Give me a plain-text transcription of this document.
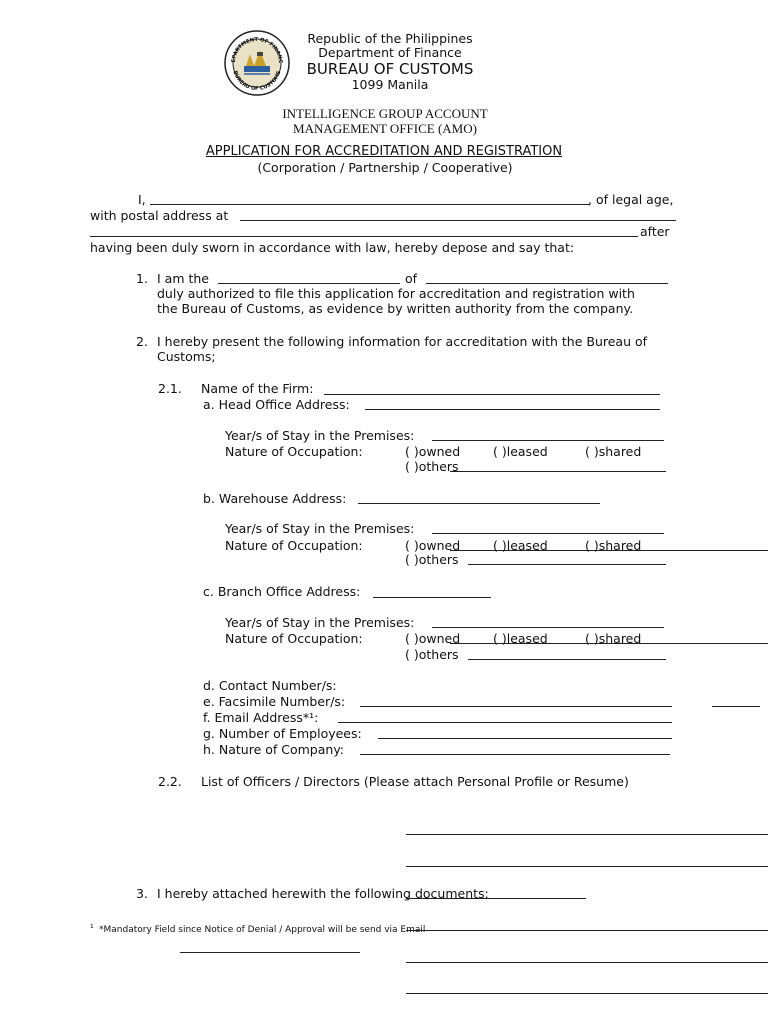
EPARTMENT OF FINANC
BUREAU OF CUSTOMS
Republic of the Philippines
Department of Finance
BUREAU OF CUSTOMS
1099 Manila
INTELLIGENCE GROUP ACCOUNT
MANAGEMENT OFFICE (AMO)
APPLICATION FOR ACCREDITATION AND REGISTRATION
(Corporation / Partnership / Cooperative)
I,	, of legal age,
with postal address at
after
having been duly sworn in accordance with law, hereby depose and say that:
1. I am the	of
duly authorized to file this application for accreditation and registration with
the Bureau of Customs, as evidence by written authority from the company.
2. I hereby present the following information for accreditation with the Bureau of
Customs;
2.1. Name of the Firm:
a. Head Office Address:
Year/s of Stay in the Premises:
Nature of Occupation:	( )owned	( )leased	( )shared
( )others
b. Warehouse Address:
Year/s of Stay in the Premises:
Nature of Occupation:	( )owned	( )leased	( )shared
( )others
c. Branch Office Address:
Year/s of Stay in the Premises:
Nature of Occupation:	( )owned	( )leased	( )shared
( )others
d. Contact Number/s:
e. Facsimile Number/s:
f. Email Address*¹:
g. Number of Employees:
h. Nature of Company:
2.2. List of Officers / Directors (Please attach Personal Profile or Resume)
3. I hereby attached herewith the following documents:
¹ *Mandatory Field since Notice of Denial / Approval will be send via Email
